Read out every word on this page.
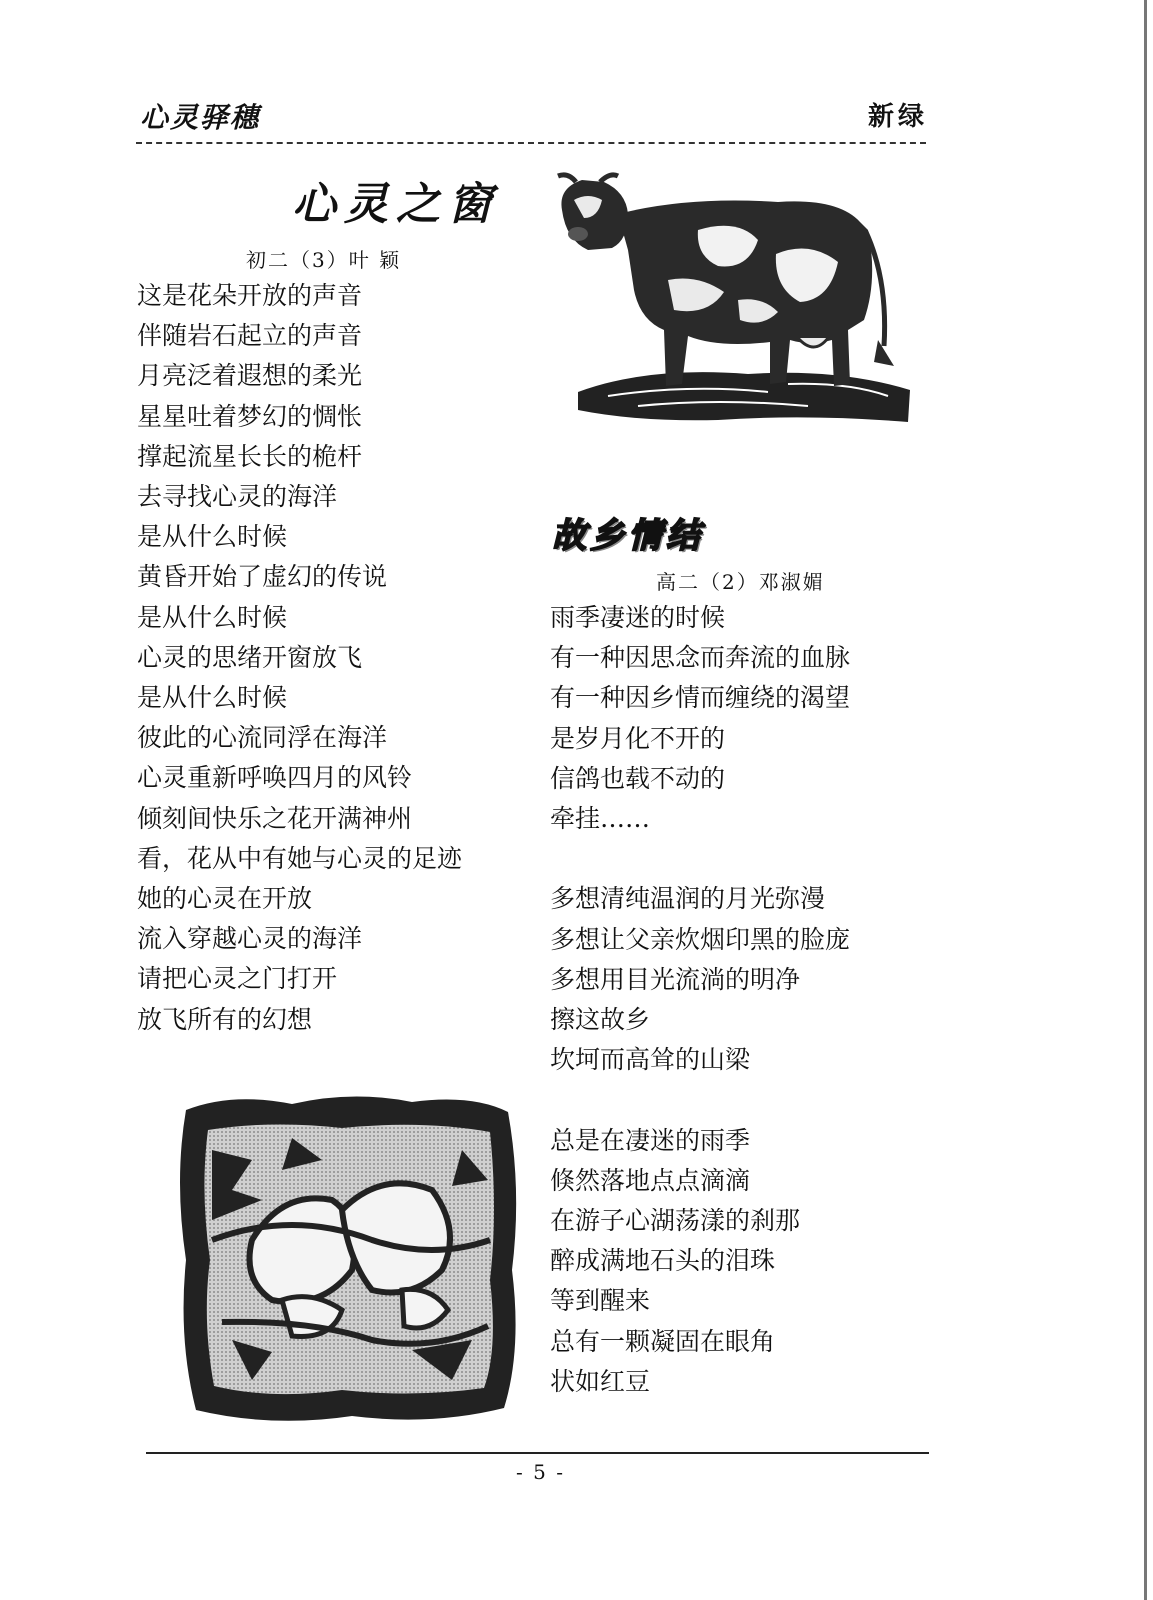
心灵驿穗	新绿
心灵之窗
初二（3）叶 颖
这是花朵开放的声音
伴随岩石起立的声音
月亮泛着遐想的柔光
星星吐着梦幻的惆怅
撑起流星长长的桅杆
去寻找心灵的海洋
是从什么时候
黄昏开始了虚幻的传说
是从什么时候
心灵的思绪开窗放飞
是从什么时候
彼此的心流同浮在海洋
心灵重新呼唤四月的风铃
倾刻间快乐之花开满神州
看，花从中有她与心灵的足迹
她的心灵在开放
流入穿越心灵的海洋
请把心灵之门打开
放飞所有的幻想
故乡情结
高二（2）邓淑媚
雨季凄迷的时候
有一种因思念而奔流的血脉
有一种因乡情而缠绕的渴望
是岁月化不开的
信鸽也载不动的
牵挂……
多想清纯温润的月光弥漫
多想让父亲炊烟印黑的脸庞
多想用目光流淌的明净
擦这故乡
坎坷而高耸的山梁
总是在凄迷的雨季
倏然落地点点滴滴
在游子心湖荡漾的刹那
醉成满地石头的泪珠
等到醒来
总有一颗凝固在眼角
状如红豆
- 5 -
